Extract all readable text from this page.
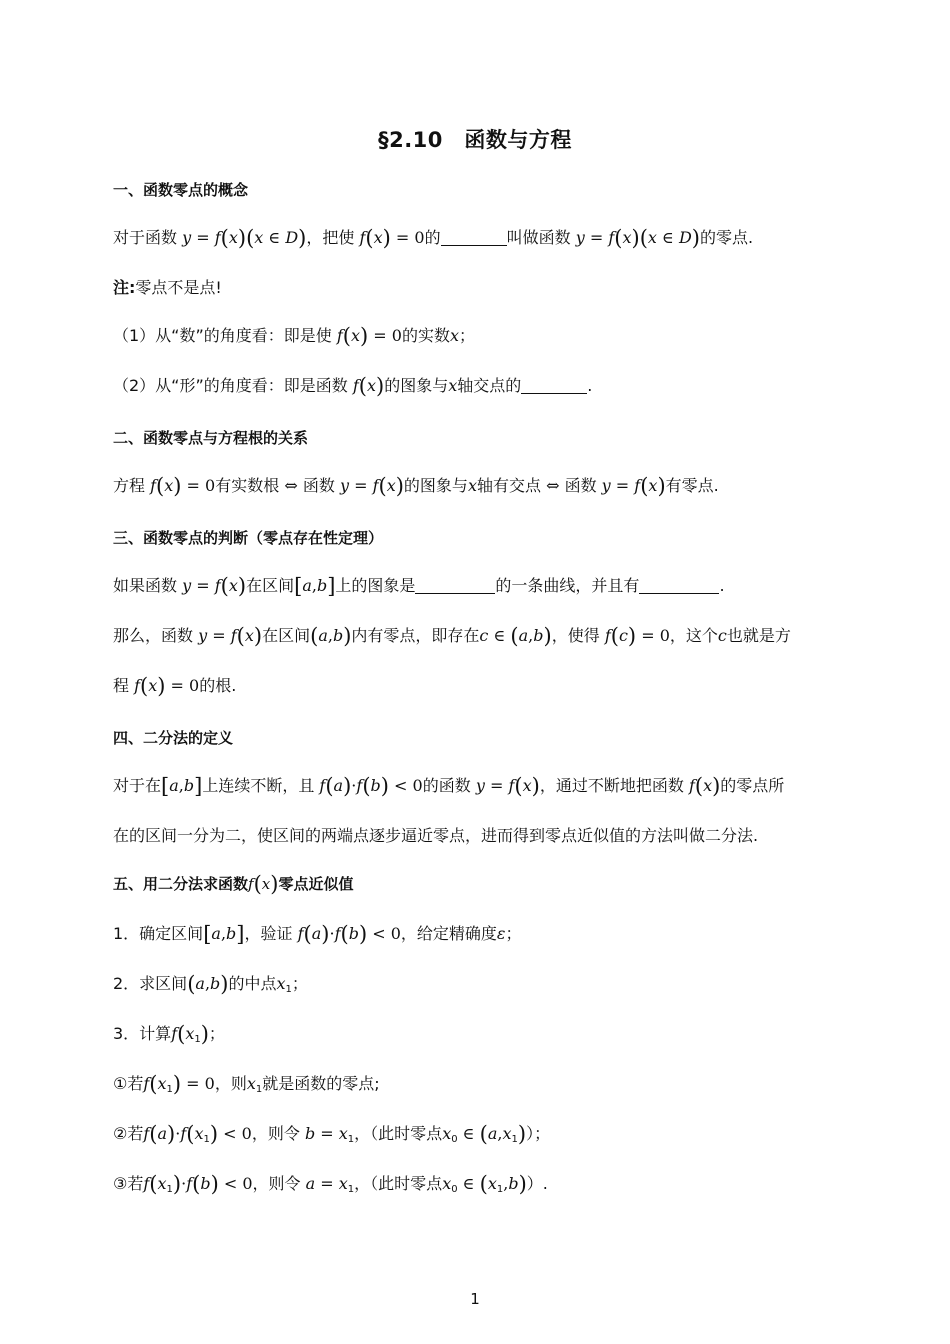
§2.10　函数与方程
一、函数零点的概念
对于函数 y = f(x)(x ∈ D)，把使 f(x) = 0的	叫做函数 y = f(x)(x ∈ D)的零点.
注:零点不是点!
（1）从“数”的角度看：即是使 f(x) = 0的实数x；
（2）从“形”的角度看：即是函数 f(x)的图象与x轴交点的	.
二、函数零点与方程根的关系
方程 f(x) = 0有实数根 ⇔ 函数 y = f(x)的图象与x轴有交点 ⇔ 函数 y = f(x)有零点.
三、函数零点的判断（零点存在性定理）
如果函数 y = f(x)在区间[a,b]上的图象是	的一条曲线，并且有	.
那么，函数 y = f(x)在区间(a,b)内有零点，即存在c ∈ (a,b)，使得 f(c) = 0，这个c也就是方
程 f(x) = 0的根.
四、二分法的定义
对于在[a,b]上连续不断，且 f(a)·f(b) < 0的函数 y = f(x)，通过不断地把函数 f(x)的零点所
在的区间一分为二，使区间的两端点逐步逼近零点，进而得到零点近似值的方法叫做二分法.
五、用二分法求函数f(x)零点近似值
1．确定区间[a,b]，验证 f(a)·f(b) < 0，给定精确度ε；
2．求区间(a,b)的中点$x_1$；
3．计算$f(x_1)$；
①若$f(x_1) = 0$，则$x_1$就是函数的零点;
②若$f(a)\cdot f(x_1) < 0$，则令 $b = x_1$，（此时零点$x_0$ ∈ $(a,x_1)$）；
③若$f(x_1)\cdot f(b) < 0$，则令 $a = x_1$，（此时零点$x_0$ ∈ $(x_1,b)$）.
1
